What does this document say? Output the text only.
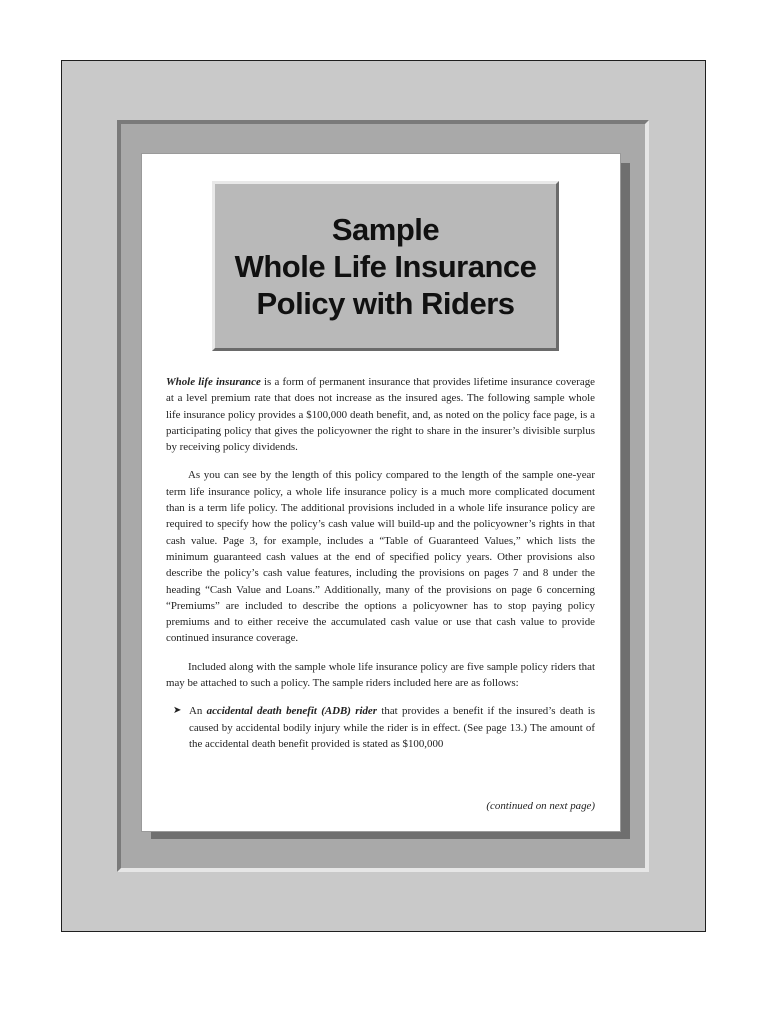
Sample
Whole Life Insurance
Policy with Riders

Whole life insurance is a form of permanent insurance that provides lifetime insurance coverage at a level premium rate that does not increase as the insured ages. The following sample whole life insurance policy provides a $100,000 death benefit, and, as noted on the policy face page, is a participating policy that gives the policyowner the right to share in the insurer’s divisible surplus by receiving policy dividends.

As you can see by the length of this policy compared to the length of the sample one-year term life insurance policy, a whole life insurance policy is a much more complicated document than is a term life policy. The additional provisions included in a whole life insurance policy are required to specify how the policy’s cash value will build-up and the policyowner’s rights in that cash value. Page 3, for example, includes a “Table of Guaranteed Values,” which lists the minimum guaranteed cash values at the end of specified policy years. Other provisions also describe the policy’s cash value features, including the provisions on pages 7 and 8 under the heading “Cash Value and Loans.” Additionally, many of the provisions on page 6 concerning “Premiums” are included to describe the options a policyowner has to stop paying policy premiums and to either receive the accumulated cash value or use that cash value to provide continued insurance coverage.

Included along with the sample whole life insurance policy are five sample policy riders that may be attached to such a policy. The sample riders included here are as follows:

➤ An accidental death benefit (ADB) rider that provides a benefit if the insured’s death is caused by accidental bodily injury while the rider is in effect. (See page 13.) The amount of the accidental death benefit provided is stated as $100,000
(continued on next page)
